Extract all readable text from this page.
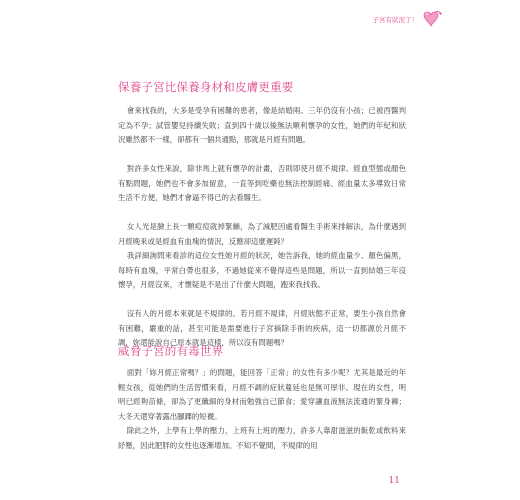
子宮有狀況了！
保養子宮比保養身材和皮膚更重要

會來找我的，大多是受孕有困難的患者，像是結婚兩、三年仍沒有小孩；已被西醫判定為不孕；試管嬰兒持續失敗；直到四十歲以後無法順利懷孕的女性，她們的年紀和狀況雖然都不一樣，卻都有一個共通點，那就是月經有問題。

對許多女性來說，除非馬上就有懷孕的計畫，否則即使月經不規律、經血型態或顏色有點問題，她們也不會多加留意，一直等到吃藥也無法控制經痛、經血量太多導致日常生活不方便，她們才會逼不得已的去看醫生。

女人光是臉上長一顆痘痘就掉緊繃，為了減肥因處看醫生手術來排解法，為什麼遇到月經晚來或是經血有血塊的情況，反應卻這麼遲鈍？

我詳細詢問來看診的這位女性她月經的狀況，她告訴我，她的經血量少、顏色偏黑，每時有血塊，平常白帶也很多，不過她從來不覺得這些是問題，所以一直到結婚三年沒懷孕，月經沒來，才懷疑是不是出了什麼大問題，跑來我找我。

沒有人的月經本來就是不規律的。若月經不規律，月經狀態不正常，要生小孩自然會有困難，嚴重的話，甚至可能是需要進行子宮摘除手術的疾病，這一切都源於月經不調，妳還能說自己原本就是這樣，所以沒有問題嗎？

威脅子宮的有毒世界

面對「妳月經正常嗎？」的問題，能回答「正常」的女性有多少呢？尤其是最近的年輕女孩，從她們的生活習慣來看，月經不調的症狀蔓延也是無可厚非。現在的女性，明明已經夠苗條，卻為了更纖細的身材而勉強自己節食；愛穿讓血液無法流通的緊身褲；大冬天還穿著露出腳踝的短襪。

除此之外，上學有上學的壓力，上班有上班的壓力，許多人靠甜滋滋的飯乾或飲料來紓壓，因此肥胖的女性也逐漸增加。不知不覺間，不規律的用

11
